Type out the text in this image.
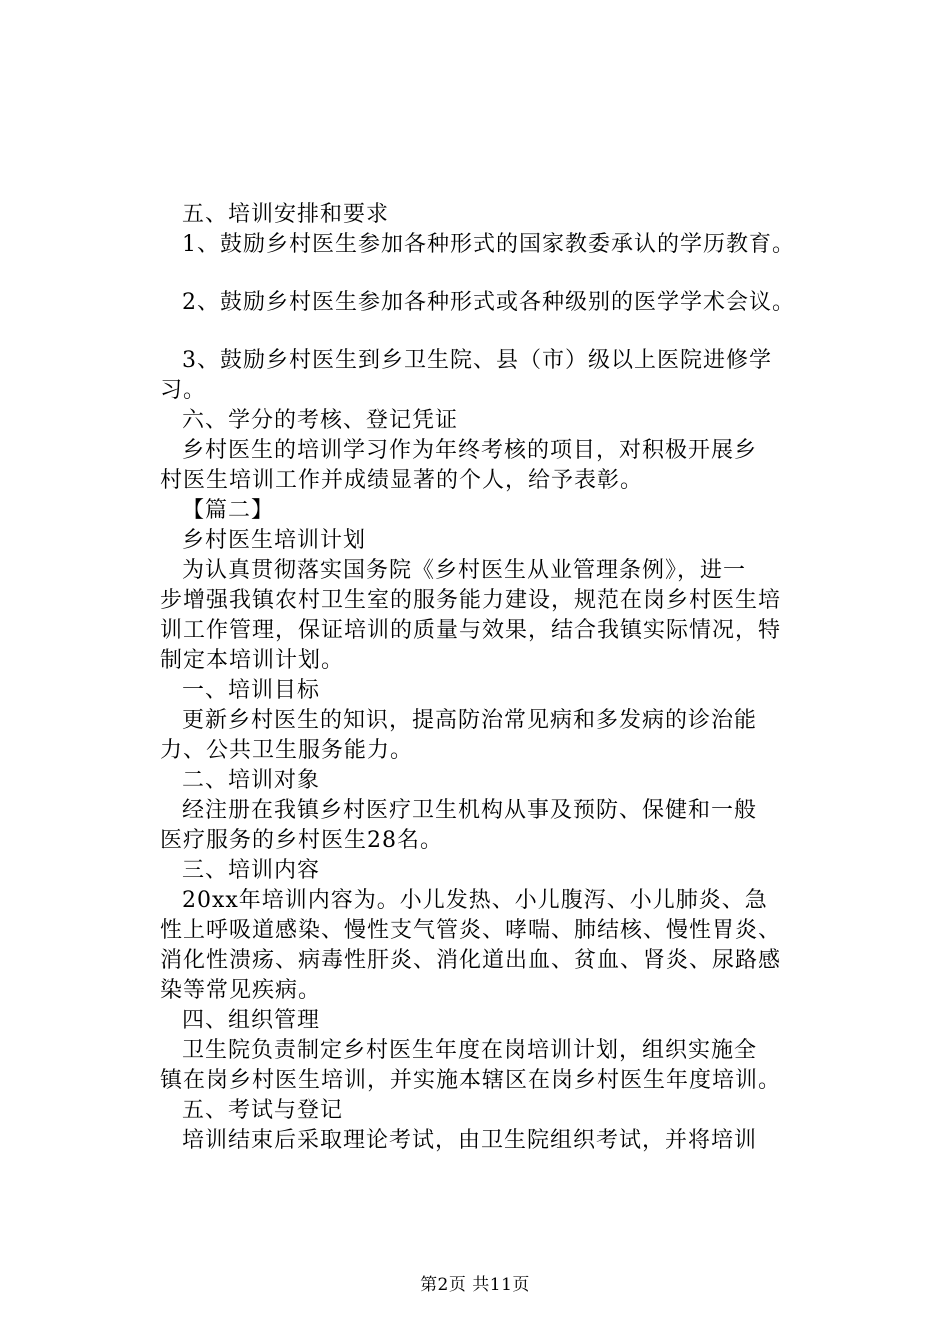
五、培训安排和要求

1、鼓励乡村医生参加各种形式的国家教委承认的学历教育。

2、鼓励乡村医生参加各种形式或各种级别的医学学术会议。

3、鼓励乡村医生到乡卫生院、县（市）级以上医院进修学

习。

六、学分的考核、登记凭证

乡村医生的培训学习作为年终考核的项目，对积极开展乡

村医生培训工作并成绩显著的个人，给予表彰。

【篇二】

乡村医生培训计划

为认真贯彻落实国务院《乡村医生从业管理条例》，进一

步增强我镇农村卫生室的服务能力建设，规范在岗乡村医生培

训工作管理，保证培训的质量与效果，结合我镇实际情况，特

制定本培训计划。

一、培训目标

更新乡村医生的知识，提高防治常见病和多发病的诊治能

力、公共卫生服务能力。

二、培训对象

经注册在我镇乡村医疗卫生机构从事及预防、保健和一般

医疗服务的乡村医生28名。

三、培训内容

20xx年培训内容为。小儿发热、小儿腹泻、小儿肺炎、急

性上呼吸道感染、慢性支气管炎、哮喘、肺结核、慢性胃炎、

消化性溃疡、病毒性肝炎、消化道出血、贫血、肾炎、尿路感

染等常见疾病。

四、组织管理

卫生院负责制定乡村医生年度在岗培训计划，组织实施全

镇在岗乡村医生培训，并实施本辖区在岗乡村医生年度培训。

五、考试与登记

培训结束后采取理论考试，由卫生院组织考试，并将培训

第2页 共11页
